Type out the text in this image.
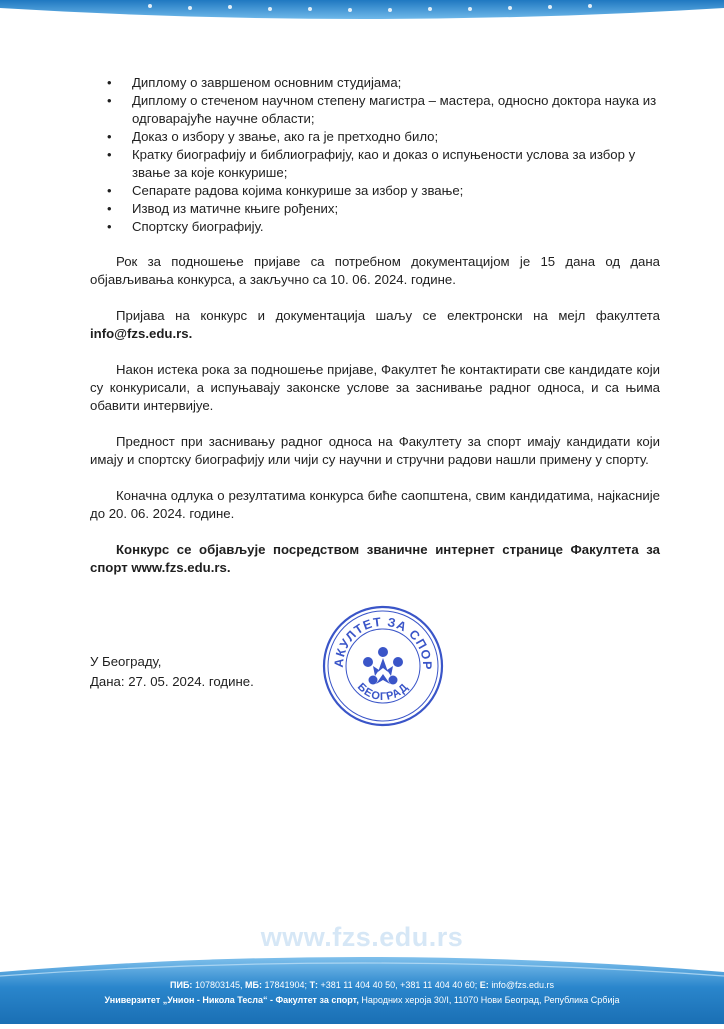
• Диплому о завршеном основним студијама;
• Диплому о стеченом научном степену магистра – мастера, односно доктора наука из одговарајуће научне области;
• Доказ о избору у звање, ако га је претходно било;
• Кратку биографију и библиографију, као и доказ о испуњености услова за избор у звање за које конкурише;
• Сепарате радова којима конкурише за избор у звање;
• Извод из матичне књиге рођених;
• Спортску биографију.

Рок за подношење пријаве са потребном документацијом је 15 дана од дана објављивања конкурса, а закључно са 10. 06. 2024. године.

Пријава на конкурс и документација шаљу се електронски на мејл факултета info@fzs.edu.rs.

Након истека рока за подношење пријаве, Факултет ће контактирати све кандидате који су конкурисали, а испуњавају законске услове за заснивање радног односа, и са њима обавити интервијуе.

Предност при заснивању радног односа на Факултету за спорт имају кандидати који имају и спортску биографију или чији су научни и стручни радови нашли примену у спорту.

Коначна одлука о резултатима конкурса биће саопштена, свим кандидатима, најкасније до 20. 06. 2024. године.

Конкурс се објављује посредством званичне интернет странице Факултета за спорт www.fzs.edu.rs.

У Београду,
Дана: 27. 05. 2024. године.
АКУЛТЕТ ЗА СПОР
БЕОГРАД
www.fzs.edu.rs
ПИБ: 107803145, МБ: 17841904; Т: +381 11 404 40 50, +381 11 404 40 60; Е: info@fzs.edu.rs
Универзитет „Унион - Никола Тесла“ - Факултет за спорт, Народних хероја 30/I, 11070 Нови Београд, Република Србија
